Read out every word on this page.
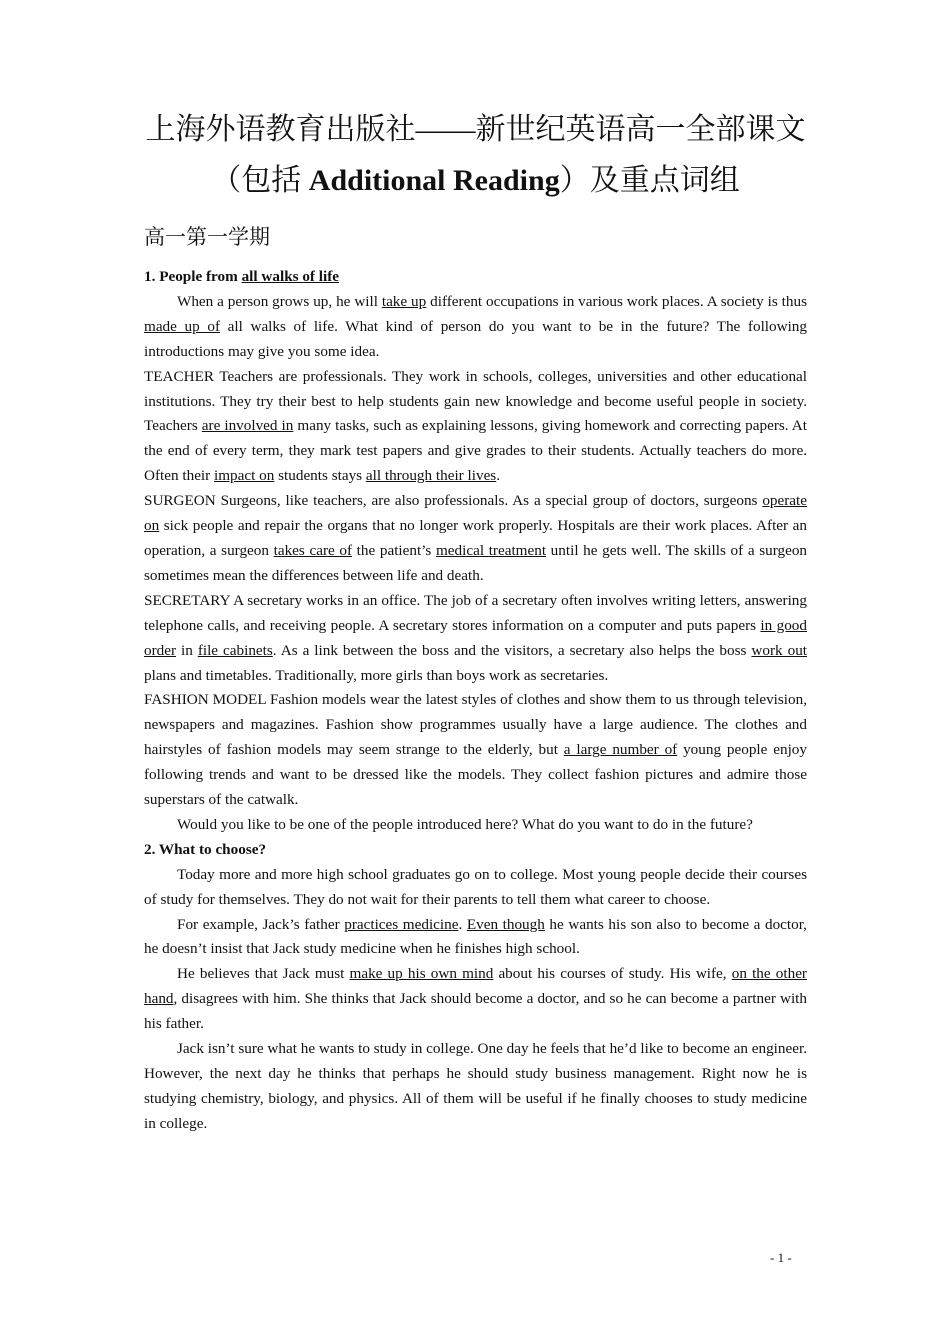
上海外语教育出版社——新世纪英语高一全部课文
（包括 Additional Reading）及重点词组
高一第一学期

1. People from all walks of life

When a person grows up, he will take up different occupations in various work places. A society is thus made up of all walks of life. What kind of person do you want to be in the future? The following introductions may give you some idea.

TEACHER Teachers are professionals. They work in schools, colleges, universities and other educational institutions. They try their best to help students gain new knowledge and become useful people in society. Teachers are involved in many tasks, such as explaining lessons, giving homework and correcting papers. At the end of every term, they mark test papers and give grades to their students. Actually teachers do more. Often their impact on students stays all through their lives.

SURGEON Surgeons, like teachers, are also professionals. As a special group of doctors, surgeons operate on sick people and repair the organs that no longer work properly. Hospitals are their work places. After an operation, a surgeon takes care of the patient’s medical treatment until he gets well. The skills of a surgeon sometimes mean the differences between life and death.

SECRETARY A secretary works in an office. The job of a secretary often involves writing letters, answering telephone calls, and receiving people. A secretary stores information on a computer and puts papers in good order in file cabinets. As a link between the boss and the visitors, a secretary also helps the boss work out plans and timetables. Traditionally, more girls than boys work as secretaries.

FASHION MODEL Fashion models wear the latest styles of clothes and show them to us through television, newspapers and magazines. Fashion show programmes usually have a large audience. The clothes and hairstyles of fashion models may seem strange to the elderly, but a large number of young people enjoy following trends and want to be dressed like the models. They collect fashion pictures and admire those superstars of the catwalk.

Would you like to be one of the people introduced here? What do you want to do in the future?

2. What to choose?

Today more and more high school graduates go on to college. Most young people decide their courses of study for themselves. They do not wait for their parents to tell them what career to choose.

For example, Jack’s father practices medicine. Even though he wants his son also to become a doctor, he doesn’t insist that Jack study medicine when he finishes high school.

He believes that Jack must make up his own mind about his courses of study. His wife, on the other hand, disagrees with him. She thinks that Jack should become a doctor, and so he can become a partner with his father.

Jack isn’t sure what he wants to study in college. One day he feels that he’d like to become an engineer. However, the next day he thinks that perhaps he should study business management. Right now he is studying chemistry, biology, and physics. All of them will be useful if he finally chooses to study medicine in college.

- 1 -
